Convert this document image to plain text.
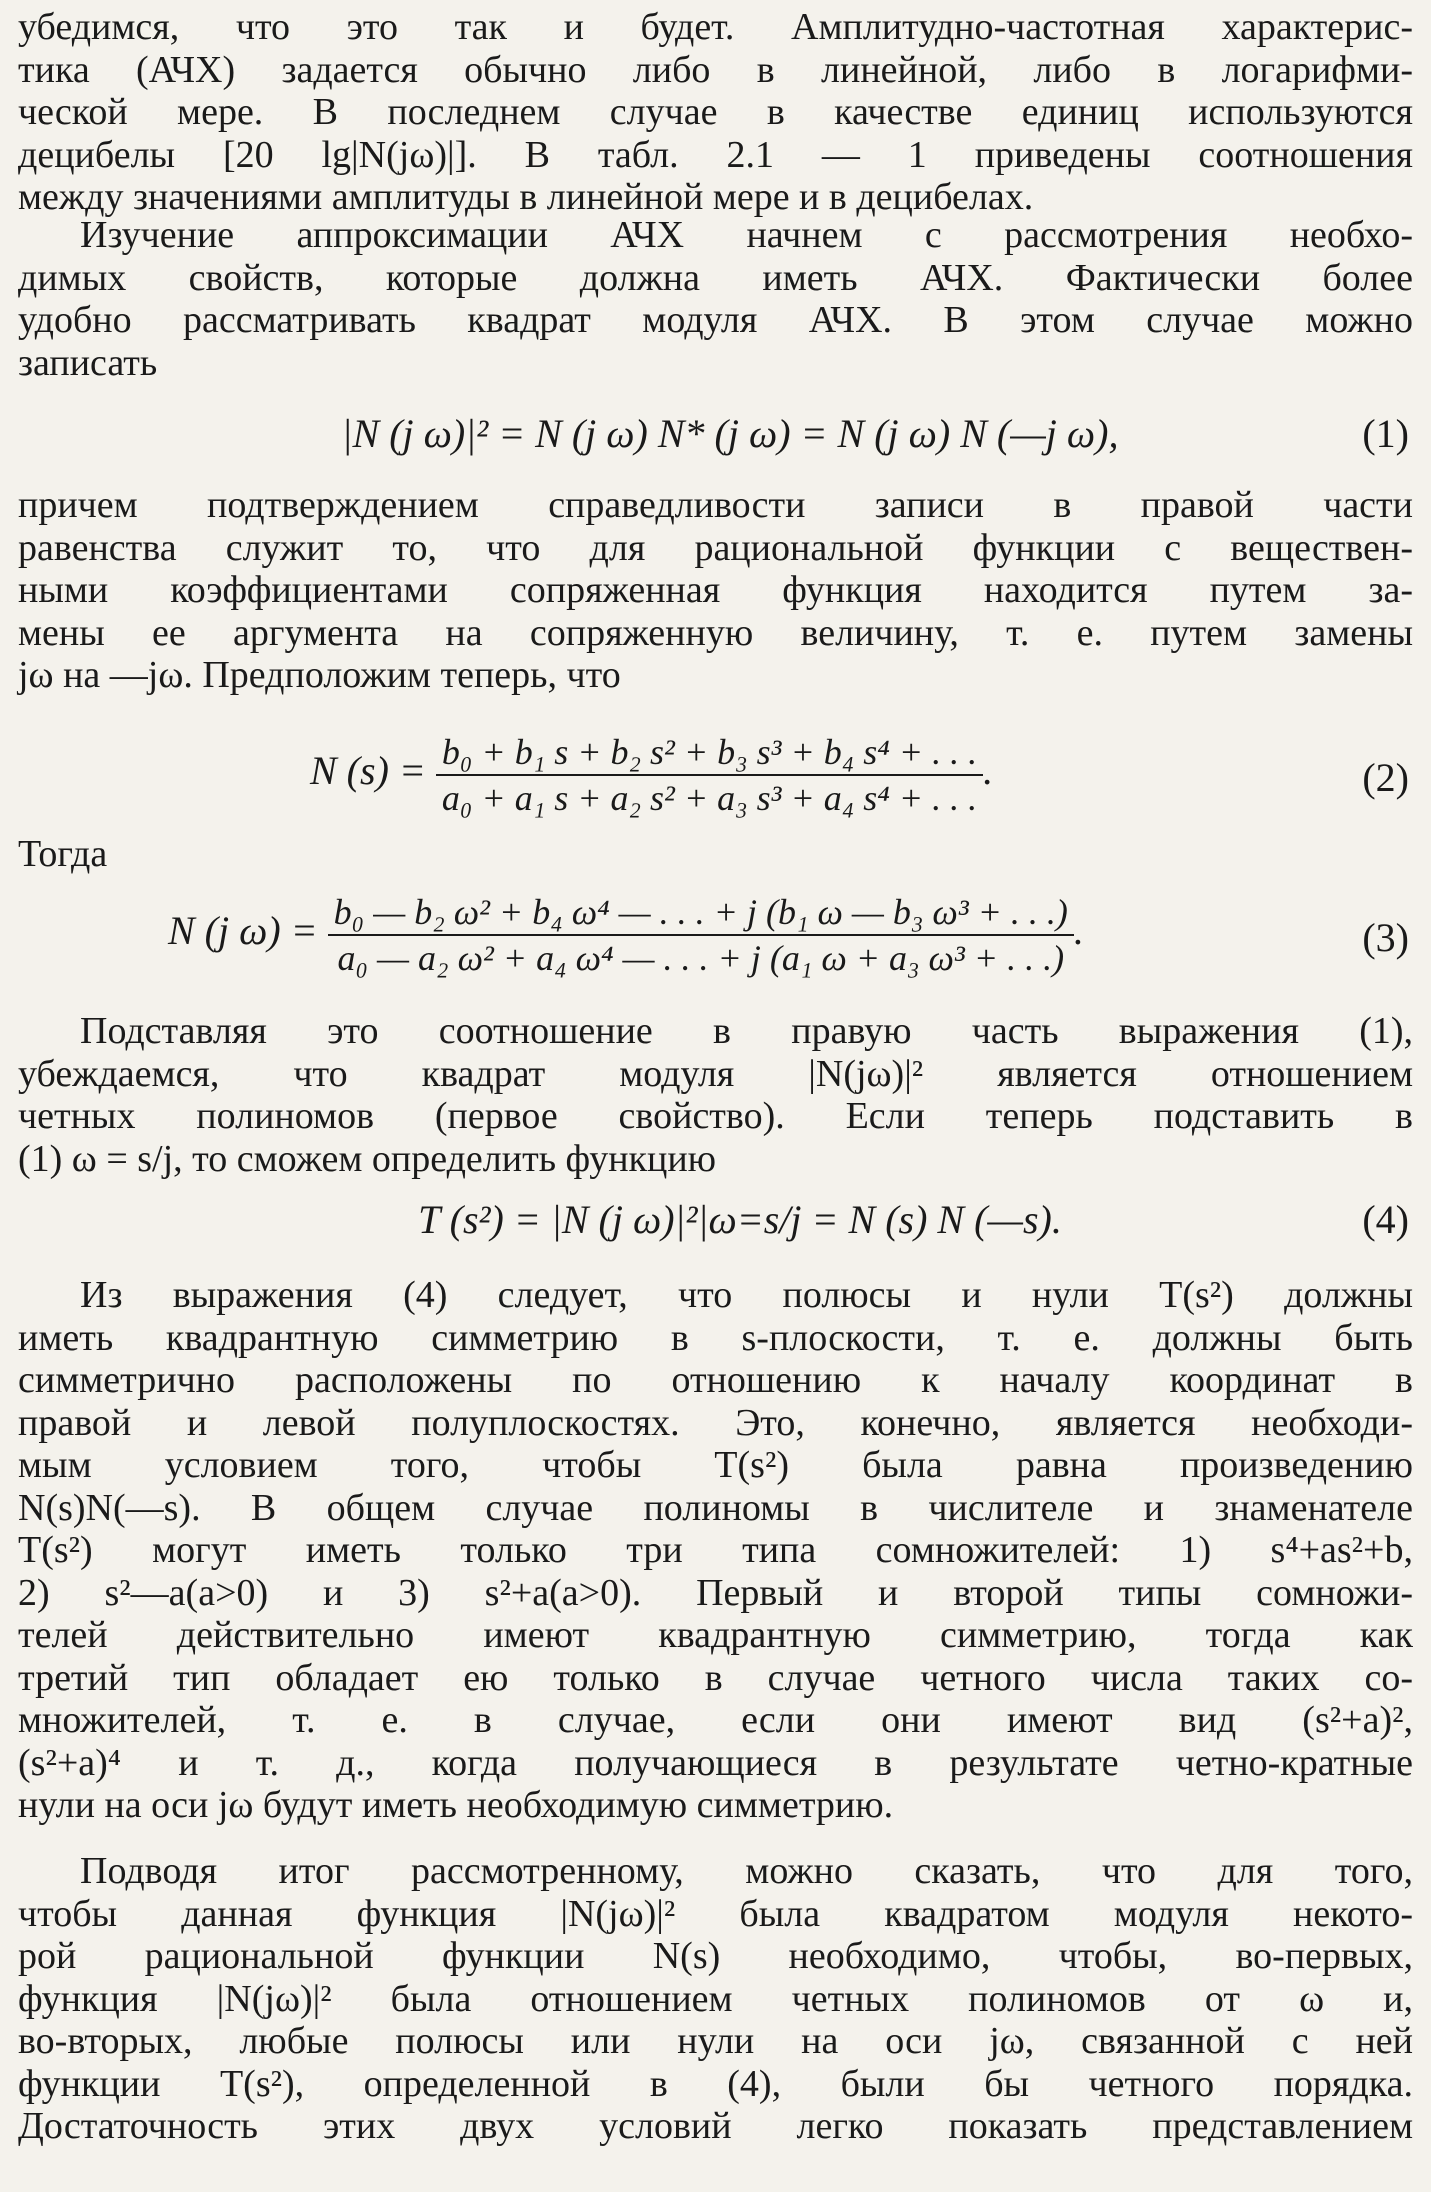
убедимся, что это так и будет. Амплитудно-частотная характерис-
тика (АЧХ) задается обычно либо в линейной, либо в логарифми-
ческой мере. В последнем случае в качестве единиц используются
децибелы [20 lg|N(jω)|]. В табл. 2.1 — 1 приведены соотношения
между значениями амплитуды в линейной мере и в децибелах.
Изучение аппроксимации АЧХ начнем с рассмотрения необхо-
димых свойств, которые должна иметь АЧХ. Фактически более
удобно рассматривать квадрат модуля АЧХ. В этом случае можно
записать
|N (j ω)|² = N (j ω) N* (j ω) = N (j ω) N (—j ω),	(1)
причем подтверждением справедливости записи в правой части
равенства служит то, что для рациональной функции с веществен-
ными коэффициентами сопряженная функция находится путем за-
мены ее аргумента на сопряженную величину, т. е. путем замены
jω на —jω. Предположим теперь, что
N $(s) = \frac{\text{b₀ + b₁ s + b₂ s² + b₃ s³ + b₄ s⁴ + . . .}}{\text{a₀ + a₁ s + a₂ s² + a₃ s³ + a₄ s⁴ + . . .}}$ .	(2)
Тогда
N (j $\omega) = \frac{\text{b₀ — b₂ ω² + b₄ ω⁴ — . . . + j (b₁ ω — b₃ ω³ + . . .)}}{\text{a₀ — a₂ ω² + a₄ ω⁴ — . . . + j (a₁ ω + a₃ ω³ + . . .)}}$ .	(3)
Подставляя это соотношение в правую часть выражения (1),
убеждаемся, что квадрат модуля |N(jω)|² является отношением
четных полиномов (первое свойство). Если теперь подставить в
(1) ω = s/j, то сможем определить функцию
T (s²) = |N (j ω)|²|ω=s/j = N (s) N (—s).	(4)
Из выражения (4) следует, что полюсы и нули T(s²) должны
иметь квадрантную симметрию в s-плоскости, т. е. должны быть
симметрично расположены по отношению к началу координат в
правой и левой полуплоскостях. Это, конечно, является необходи-
мым условием того, чтобы T(s²) была равна произведению
N(s)N(—s). В общем случае полиномы в числителе и знаменателе
T(s²) могут иметь только три типа сомножителей: 1) s⁴+as²+b,
2) s²—a(a>0) и 3) s²+a(a>0). Первый и второй типы сомножи-
телей действительно имеют квадрантную симметрию, тогда как
третий тип обладает ею только в случае четного числа таких со-
множителей, т. е. в случае, если они имеют вид (s²+a)²,
(s²+a)⁴ и т. д., когда получающиеся в результате четно-кратные
нули на оси jω будут иметь необходимую симметрию.
Подводя итог рассмотренному, можно сказать, что для того,
чтобы данная функция |N(jω)|² была квадратом модуля некото-
рой рациональной функции N(s) необходимо, чтобы, во-первых,
функция |N(jω)|² была отношением четных полиномов от ω и,
во-вторых, любые полюсы или нули на оси jω, связанной с ней
функции T(s²), определенной в (4), были бы четного порядка.
Достаточность этих двух условий легко показать представлением
